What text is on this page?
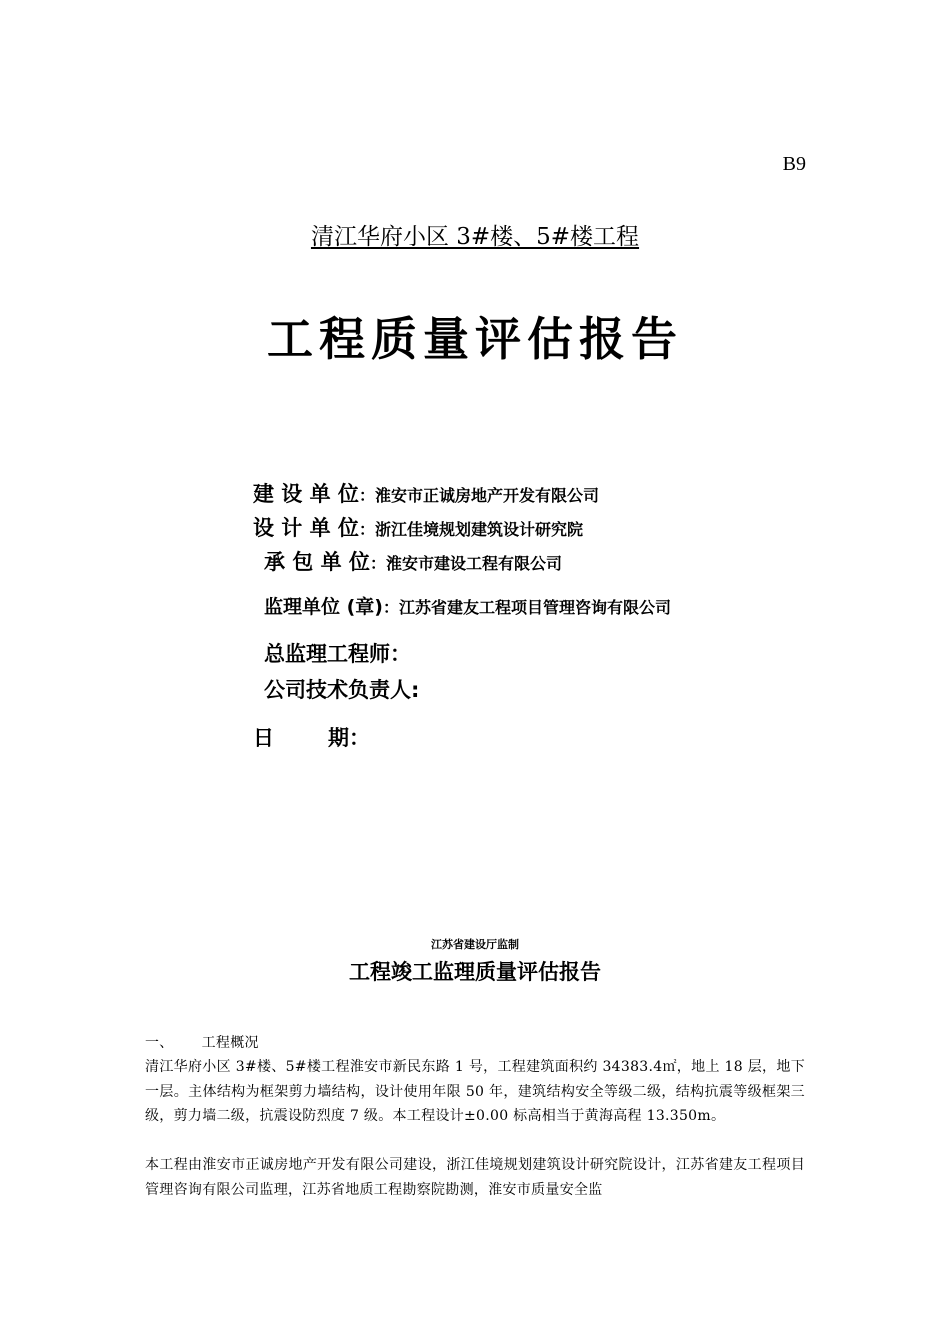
B9
清江华府小区 3#楼、5#楼工程
工程质量评估报告
建 设 单 位：淮安市正诚房地产开发有限公司
设 计 单 位：浙江佳境规划建筑设计研究院
承 包 单 位：淮安市建设工程有限公司
监理单位 (章)：江苏省建友工程项目管理咨询有限公司
总监理工程师：
公司技术负责人:
日	期：
江苏省建设厅监制
工程竣工监理质量评估报告
一、 工程概况
清江华府小区 3#楼、5#楼工程淮安市新民东路 1 号，工程建筑面积约 34383.4㎡，地上 18 层，地下一层。主体结构为框架剪力墙结构，设计使用年限 50 年，建筑结构安全等级二级，结构抗震等级框架三级，剪力墙二级，抗震设防烈度 7 级。本工程设计±0.00 标高相当于黄海高程 13.350m。
本工程由淮安市正诚房地产开发有限公司建设，浙江佳境规划建筑设计研究院设计，江苏省建友工程项目管理咨询有限公司监理，江苏省地质工程勘察院勘测，淮安市质量安全监
